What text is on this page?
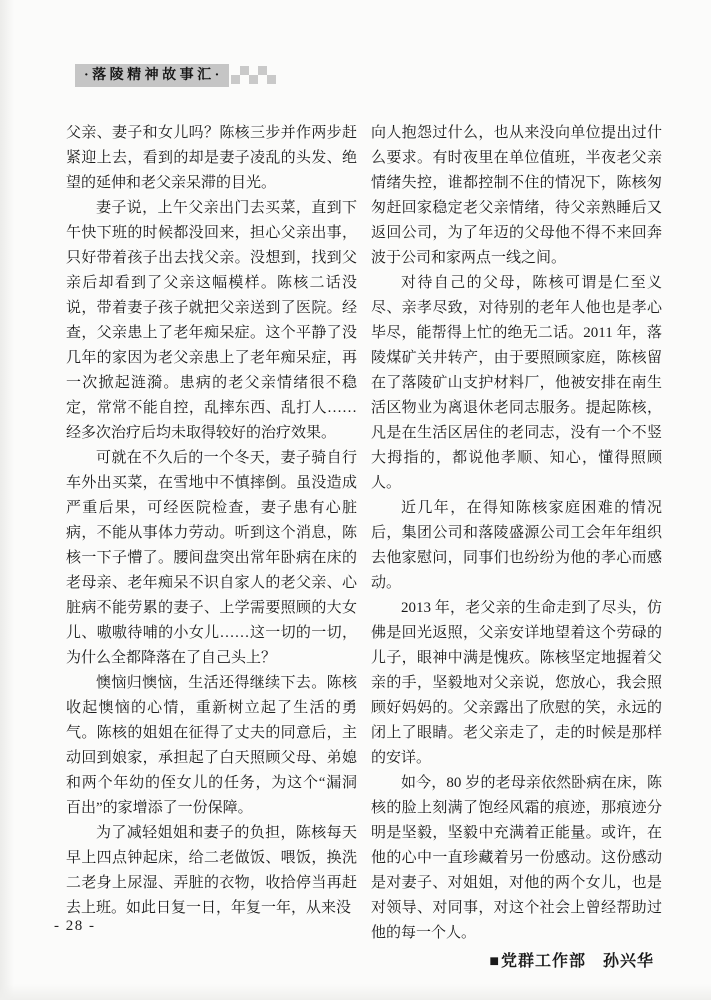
·落陵精神故事汇·

父亲、妻子和女儿吗？陈核三步并作两步赶紧迎上去，看到的却是妻子凌乱的头发、绝望的延伸和老父亲呆滞的目光。

妻子说，上午父亲出门去买菜，直到下午快下班的时候都没回来，担心父亲出事，只好带着孩子出去找父亲。没想到，找到父亲后却看到了父亲这幅模样。陈核二话没说，带着妻子孩子就把父亲送到了医院。经查，父亲患上了老年痴呆症。这个平静了没几年的家因为老父亲患上了老年痴呆症，再一次掀起涟漪。患病的老父亲情绪很不稳定，常常不能自控，乱摔东西、乱打人……经多次治疗后均未取得较好的治疗效果。

可就在不久后的一个冬天，妻子骑自行车外出买菜，在雪地中不慎摔倒。虽没造成严重后果，可经医院检查，妻子患有心脏病，不能从事体力劳动。听到这个消息，陈核一下子懵了。腰间盘突出常年卧病在床的老母亲、老年痴呆不识自家人的老父亲、心脏病不能劳累的妻子、上学需要照顾的大女儿、嗷嗷待哺的小女儿……这一切的一切，为什么全都降落在了自己头上？

懊恼归懊恼，生活还得继续下去。陈核收起懊恼的心情，重新树立起了生活的勇气。陈核的姐姐在征得了丈夫的同意后，主动回到娘家，承担起了白天照顾父母、弟媳和两个年幼的侄女儿的任务，为这个“漏洞百出”的家增添了一份保障。

为了减轻姐姐和妻子的负担，陈核每天早上四点钟起床，给二老做饭、喂饭，换洗二老身上尿湿、弄脏的衣物，收拾停当再赶去上班。如此日复一日，年复一年，从来没

向人抱怨过什么，也从来没向单位提出过什么要求。有时夜里在单位值班，半夜老父亲情绪失控，谁都控制不住的情况下，陈核匆匆赶回家稳定老父亲情绪，待父亲熟睡后又返回公司，为了年迈的父母他不得不来回奔波于公司和家两点一线之间。

对待自己的父母，陈核可谓是仁至义尽、亲孝尽致，对待别的老年人他也是孝心毕尽，能帮得上忙的绝无二话。2011 年，落陵煤矿关井转产，由于要照顾家庭，陈核留在了落陵矿山支护材料厂，他被安排在南生活区物业为离退休老同志服务。提起陈核，凡是在生活区居住的老同志，没有一个不竖大拇指的，都说他孝顺、知心，懂得照顾人。

近几年，在得知陈核家庭困难的情况后，集团公司和落陵盛源公司工会年年组织去他家慰问，同事们也纷纷为他的孝心而感动。

2013 年，老父亲的生命走到了尽头，仿佛是回光返照，父亲安详地望着这个劳碌的儿子，眼神中满是愧疚。陈核坚定地握着父亲的手，坚毅地对父亲说，您放心，我会照顾好妈妈的。父亲露出了欣慰的笑，永远的闭上了眼睛。老父亲走了，走的时候是那样的安详。

如今，80 岁的老母亲依然卧病在床，陈核的脸上刻满了饱经风霜的痕迹，那痕迹分明是坚毅，坚毅中充满着正能量。或许，在他的心中一直珍藏着另一份感动。这份感动是对妻子、对姐姐，对他的两个女儿，也是对领导、对同事，对这个社会上曾经帮助过他的每一个人。

■党群工作部　孙兴华

- 28 -
